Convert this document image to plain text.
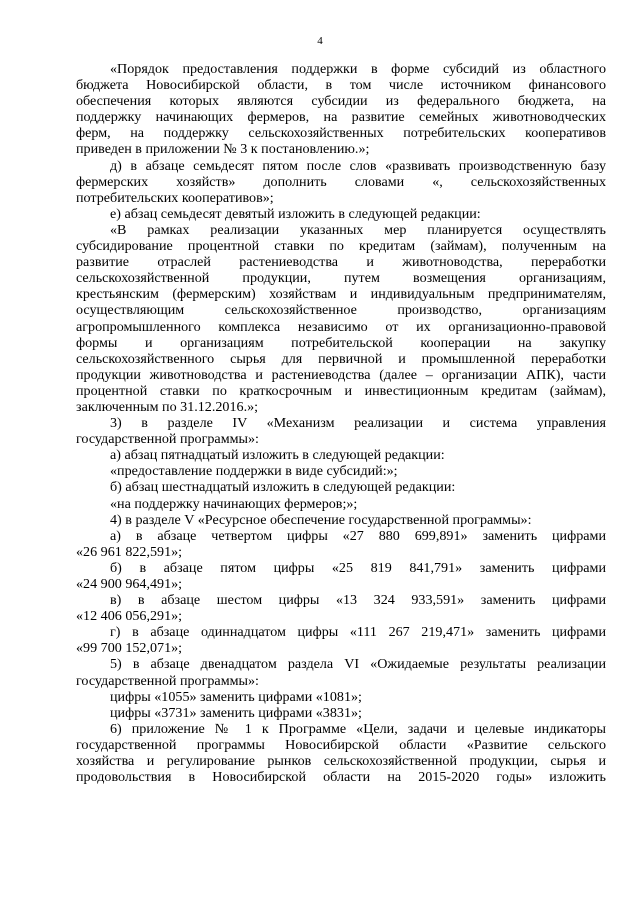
4
«Порядок предоставления поддержки в форме субсидий из областного
бюджета Новосибирской области, в том числе источником финансового
обеспечения которых являются субсидии из федерального бюджета, на
поддержку начинающих фермеров, на развитие семейных животноводческих
ферм, на поддержку сельскохозяйственных потребительских кооперативов
приведен в приложении № 3 к постановлению.»;
д) в абзаце семьдесят пятом после слов «развивать производственную базу
фермерских хозяйств» дополнить словами «, сельскохозяйственных
потребительских кооперативов»;
е) абзац семьдесят девятый изложить в следующей редакции:
«В рамках реализации указанных мер планируется осуществлять
субсидирование процентной ставки по кредитам (займам), полученным на
развитие отраслей растениеводства и животноводства, переработки
сельскохозяйственной продукции, путем возмещения организациям,
крестьянским (фермерским) хозяйствам и индивидуальным предпринимателям,
осуществляющим сельскохозяйственное производство, организациям
агропромышленного комплекса независимо от их организационно-правовой
формы и организациям потребительской кооперации на закупку
сельскохозяйственного сырья для первичной и промышленной переработки
продукции животноводства и растениеводства (далее – организации АПК), части
процентной ставки по краткосрочным и инвестиционным кредитам (займам),
заключенным по 31.12.2016.»;
3) в разделе IV «Механизм реализации и система управления
государственной программы»:
а) абзац пятнадцатый изложить в следующей редакции:
«предоставление поддержки в виде субсидий:»;
б) абзац шестнадцатый изложить в следующей редакции:
«на поддержку начинающих фермеров;»;
4) в разделе V «Ресурсное обеспечение государственной программы»:
а) в абзаце четвертом цифры «27 880 699,891» заменить цифрами
«26 961 822,591»;
б) в абзаце пятом цифры «25 819 841,791» заменить цифрами
«24 900 964,491»;
в) в абзаце шестом цифры «13 324 933,591» заменить цифрами
«12 406 056,291»;
г) в абзаце одиннадцатом цифры «111 267 219,471» заменить цифрами
«99 700 152,071»;
5) в абзаце двенадцатом раздела VI «Ожидаемые результаты реализации
государственной программы»:
цифры «1055» заменить цифрами «1081»;
цифры «3731» заменить цифрами «3831»;
6) приложение № 1 к Программе «Цели, задачи и целевые индикаторы
государственной программы Новосибирской области «Развитие сельского
хозяйства и регулирование рынков сельскохозяйственной продукции, сырья и
продовольствия в Новосибирской области на 2015-2020 годы» изложить
